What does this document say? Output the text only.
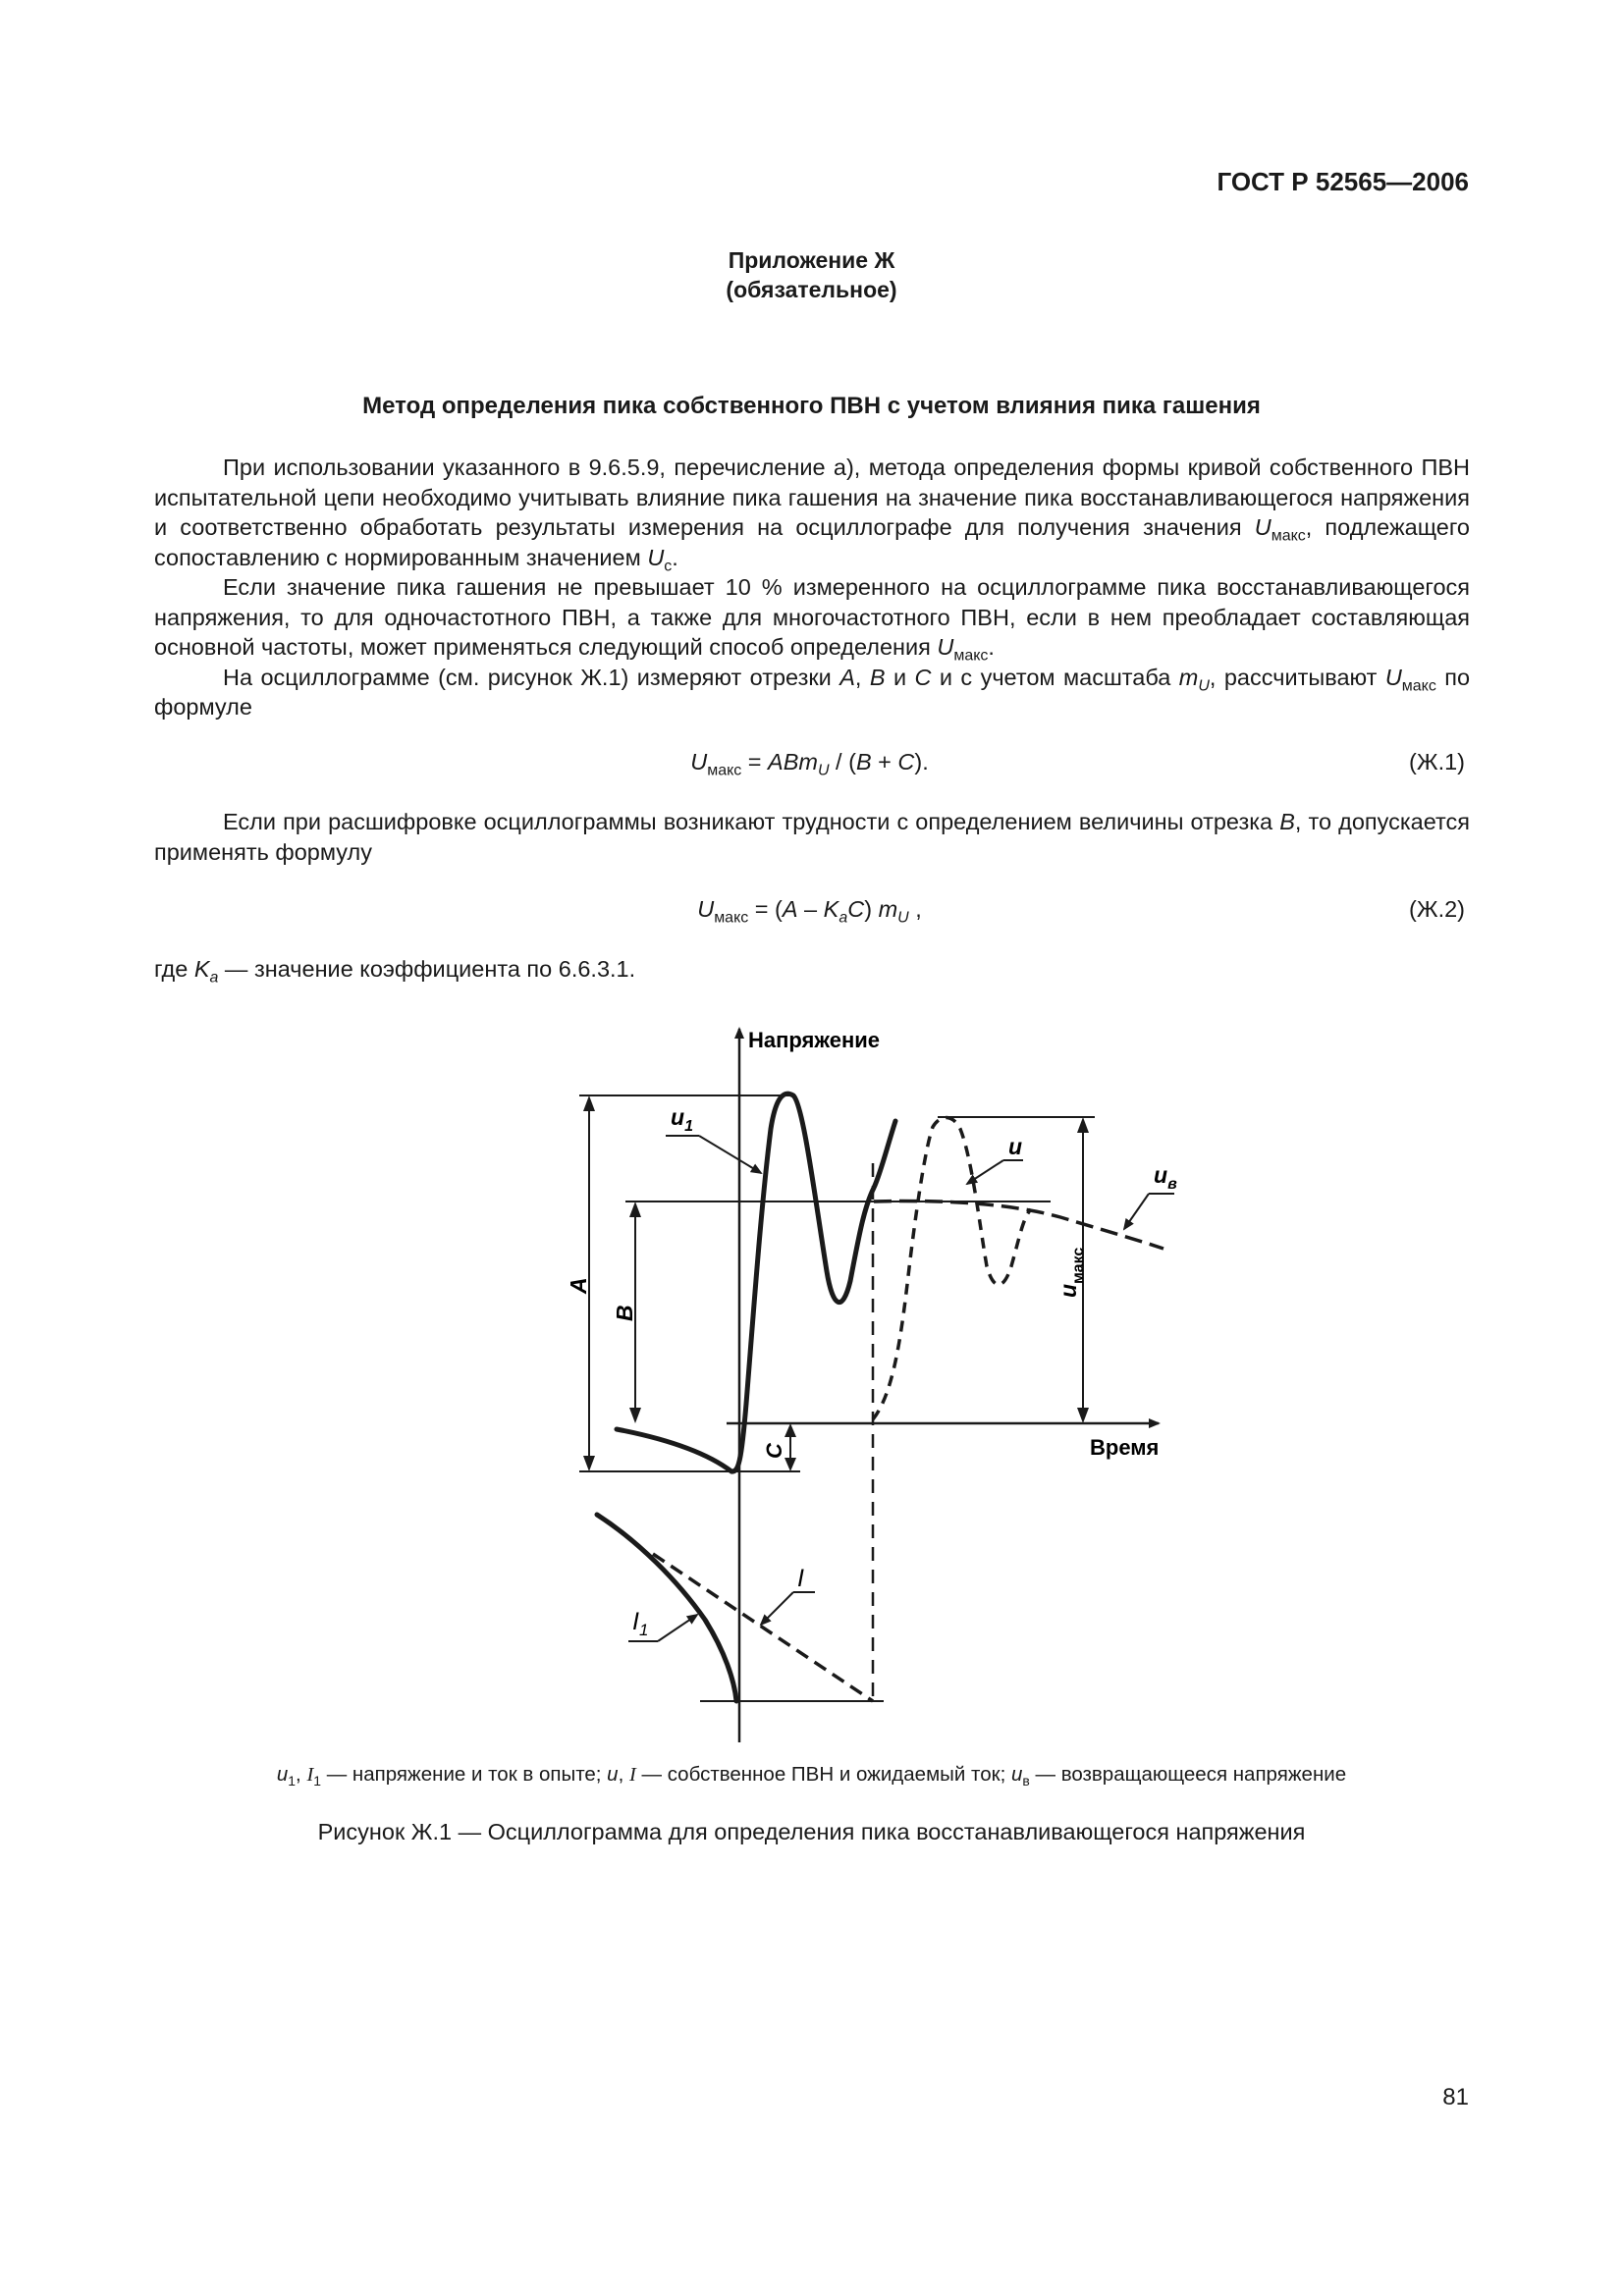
ГОСТ Р 52565—2006
Приложение Ж
(обязательное)
Метод определения пика собственного ПВН с учетом влияния пика гашения

При использовании указанного в 9.6.5.9, перечисление а), метода определения формы кривой собственного ПВН испытательной цепи необходимо учитывать влияние пика гашения на значение пика восстанавливающегося напряжения и соответственно обработать результаты измерения на осциллографе для получения значения $U_{макс}$, подлежащего сопоставлению с нормированным значением $U_c$.

Если значение пика гашения не превышает 10 % измеренного на осциллограмме пика восстанавливающегося напряжения, то для одночастотного ПВН, а также для многочастотного ПВН, если в нем преобладает составляющая основной частоты, может применяться следующий способ определения $U_{макс}$.

На осциллограмме (см. рисунок Ж.1) измеряют отрезки A, B и C и с учетом масштаба $m_U$, рассчитывают $U_{макс}$ по формуле

$U_{макс} = ABm_U / (B + C)$.	(Ж.1)

Если при расшифровке осциллограммы возникают трудности с определением величины отрезка B, то допускается применять формулу

$U_{макс} = (A - K_aC)$ $m_U$ ,	(Ж.2)

где $K_a$ — значение коэффициента по 6.6.3.1.

Напряжение
Время
A
B
C
$u_{макс}$
$u_1$
u
$u_в$
I
$I_1$
$u_1$, $I_1$ — напряжение и ток в опыте; u, I — собственное ПВН и ожидаемый ток; $u_в$ — возвращающееся напряжение
Рисунок Ж.1 — Осциллограмма для определения пика восстанавливающегося напряжения
81
